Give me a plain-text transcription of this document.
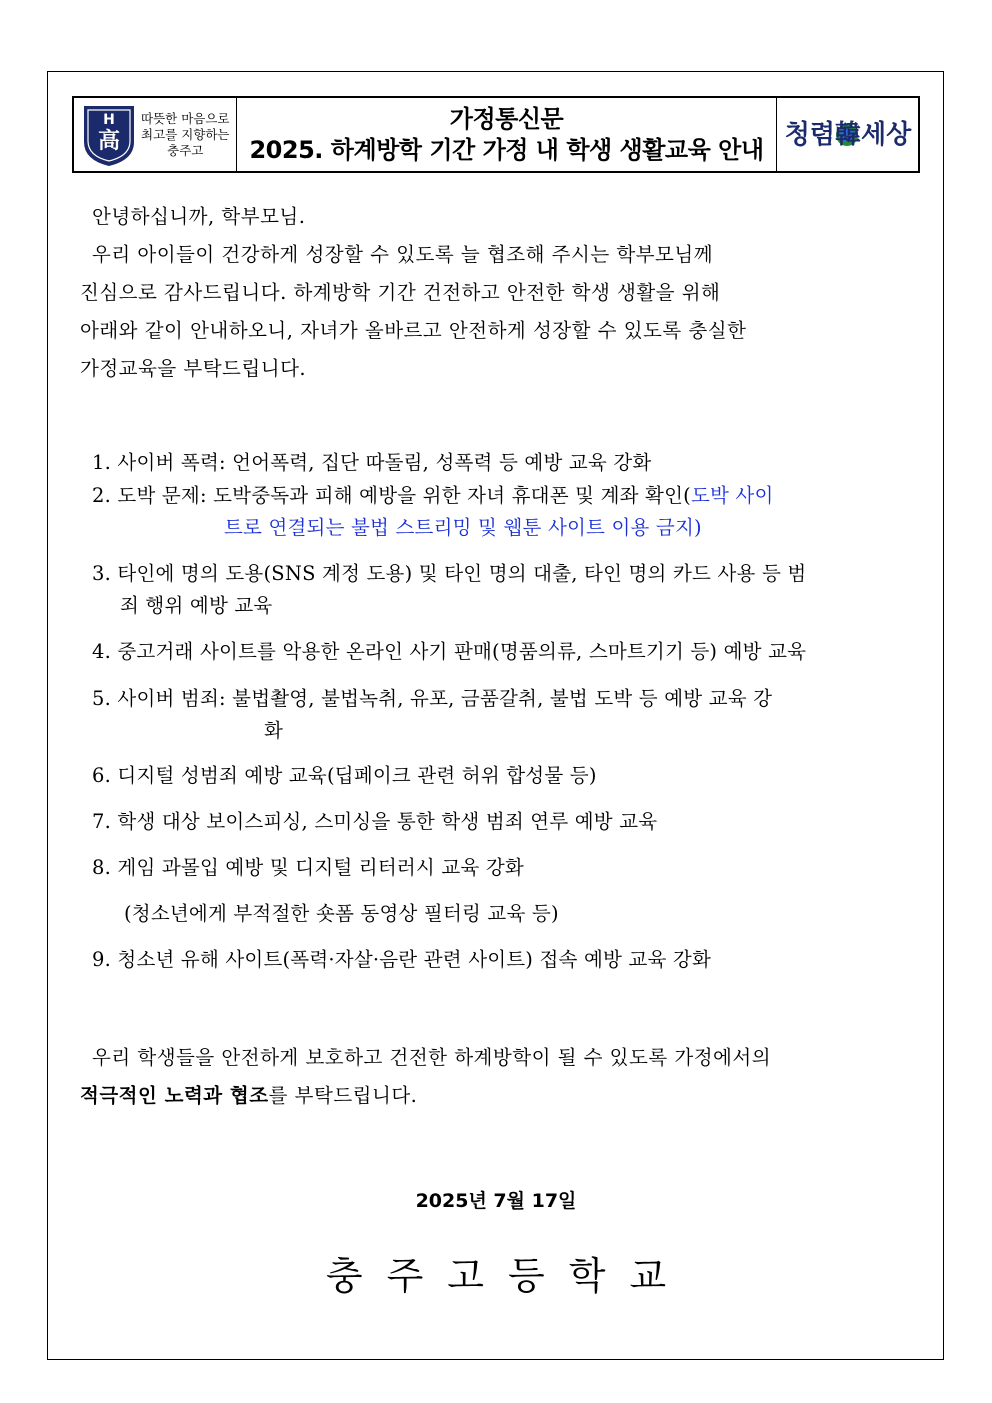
H
高
따뜻한 마음으로
최고를 지향하는
충주고
가정통신문
2025. 하계방학 기간 가정 내 학생 생활교육 안내 청렴韓세상
안녕하십니까, 학부모님.
우리 아이들이 건강하게 성장할 수 있도록 늘 협조해 주시는 학부모님께
진심으로 감사드립니다. 하계방학 기간 건전하고 안전한 학생 생활을 위해
아래와 같이 안내하오니, 자녀가 올바르고 안전하게 성장할 수 있도록 충실한
가정교육을 부탁드립니다.
1. 사이버 폭력: 언어폭력, 집단 따돌림, 성폭력 등 예방 교육 강화
2. 도박 문제: 도박중독과 피해 예방을 위한 자녀 휴대폰 및 계좌 확인(도박 사이
트로 연결되는 불법 스트리밍 및 웹툰 사이트 이용 금지)
3. 타인에 명의 도용(SNS 계정 도용) 및 타인 명의 대출, 타인 명의 카드 사용 등 범
죄 행위 예방 교육
4. 중고거래 사이트를 악용한 온라인 사기 판매(명품의류, 스마트기기 등) 예방 교육
5. 사이버 범죄: 불법촬영, 불법녹취, 유포, 금품갈취, 불법 도박 등 예방 교육 강
화
6. 디지털 성범죄 예방 교육(딥페이크 관련 허위 합성물 등)
7. 학생 대상 보이스피싱, 스미싱을 통한 학생 범죄 연루 예방 교육
8. 게임 과몰입 예방 및 디지털 리터러시 교육 강화
(청소년에게 부적절한 숏폼 동영상 필터링 교육 등)
9. 청소년 유해 사이트(폭력·자살·음란 관련 사이트) 접속 예방 교육 강화
우리 학생들을 안전하게 보호하고 건전한 하계방학이 될 수 있도록 가정에서의
적극적인 노력과 협조를 부탁드립니다.
2025년 7월 17일
충주고등학교
